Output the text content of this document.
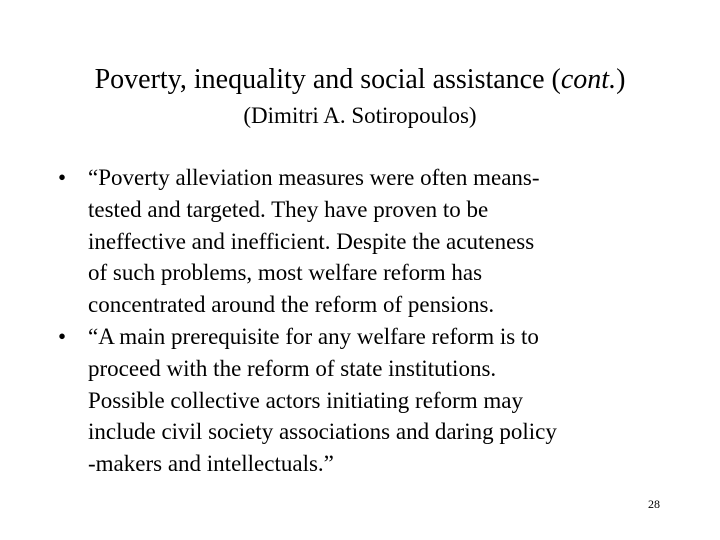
Poverty, inequality and social assistance (cont.)
(Dimitri A. Sotiropoulos)
• “Poverty alleviation measures were often means-
tested and targeted. They have proven to be
ineffective and inefficient. Despite the acuteness
of such problems, most welfare reform has
concentrated around the reform of pensions.
• “A main prerequisite for any welfare reform is to
proceed with the reform of state institutions.
Possible collective actors initiating reform may
include civil society associations and daring policy
-makers and intellectuals.”
28
